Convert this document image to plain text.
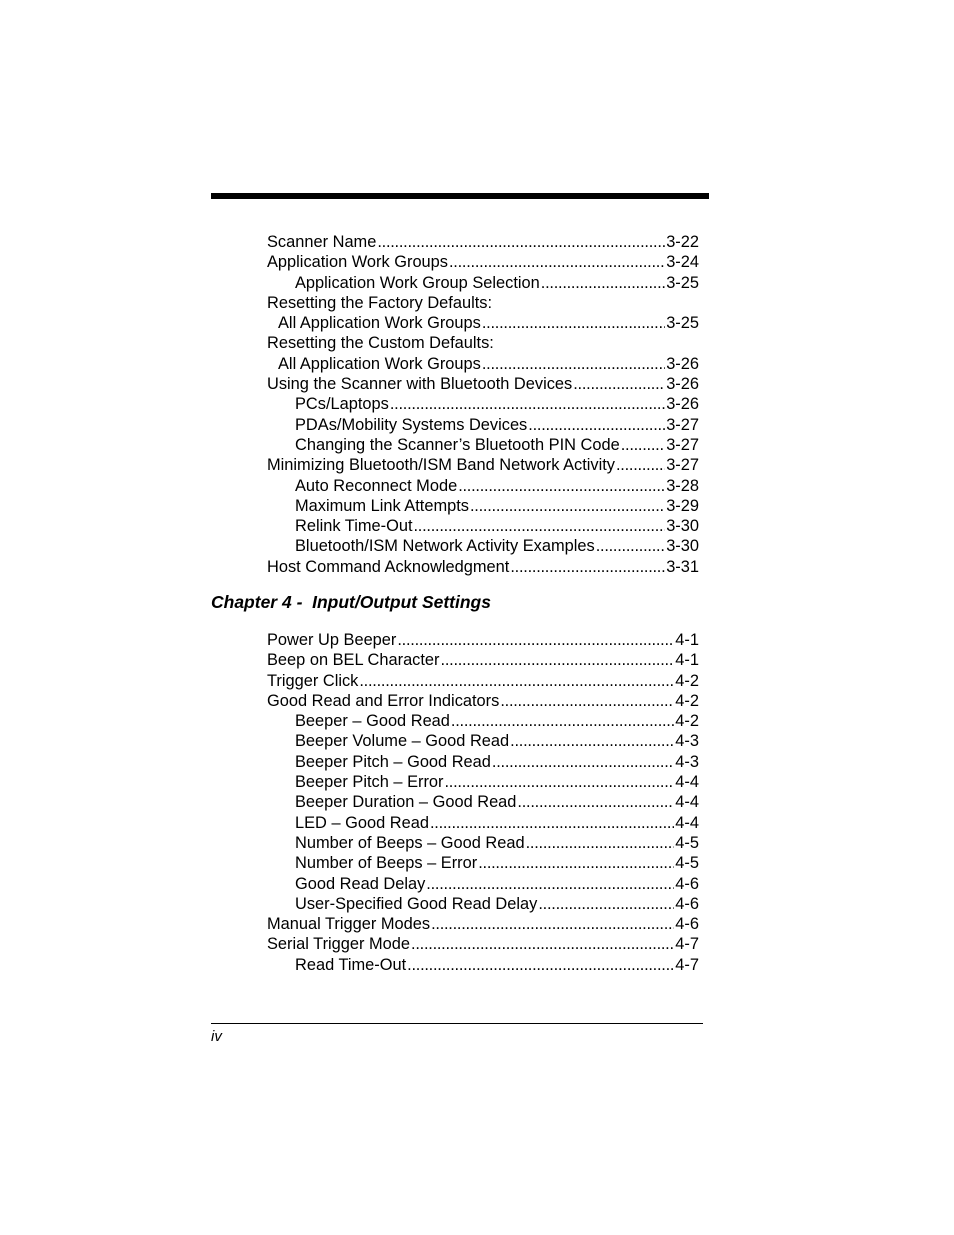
Scanner Name . . .	3-22
Application Work Groups . . .	3-24
Application Work Group Selection . . .	3-25
Resetting the Factory Defaults:
All Application Work Groups . . .	3-25
Resetting the Custom Defaults:
All Application Work Groups . . .	3-26
Using the Scanner with Bluetooth Devices . . .	3-26
PCs/Laptops . . .	3-26
PDAs/Mobility Systems Devices . . .	3-27
Changing the Scanner’s Bluetooth PIN Code . . .	3-27
Minimizing Bluetooth/ISM Band Network Activity . . .	3-27
Auto Reconnect Mode . . .	3-28
Maximum Link Attempts . . .	3-29
Relink Time-Out . . .	3-30
Bluetooth/ISM Network Activity Examples . . .	3-30
Host Command Acknowledgment . . .	3-31
Chapter 4 -  Input/Output Settings
Power Up Beeper . . .	4-1
Beep on BEL Character . . .	4-1
Trigger Click . . .	4-2
Good Read and Error Indicators . . .	4-2
Beeper – Good Read . . .	4-2
Beeper Volume – Good Read . . .	4-3
Beeper Pitch – Good Read . . .	4-3
Beeper Pitch – Error . . .	4-4
Beeper Duration – Good Read . . .	4-4
LED – Good Read . . .	4-4
Number of Beeps – Good Read . . .	4-5
Number of Beeps – Error . . .	4-5
Good Read Delay . . .	4-6
User-Specified Good Read Delay . . .	4-6
Manual Trigger Modes . . .	4-6
Serial Trigger Mode . . .	4-7
Read Time-Out . . .	4-7
iv
